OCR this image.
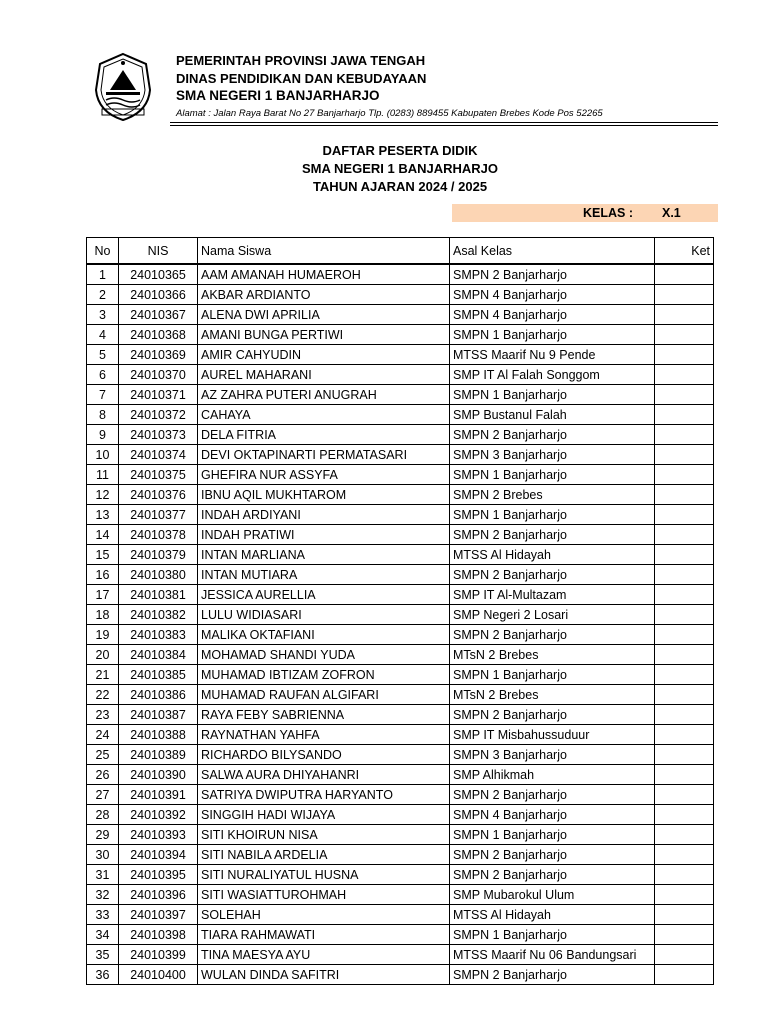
PEMERINTAH PROVINSI JAWA TENGAH
DINAS PENDIDIKAN DAN KEBUDAYAAN
SMA NEGERI 1 BANJARHARJO
Alamat : Jalan Raya Barat No 27 Banjarharjo Tlp. (0283) 889455 Kabupaten Brebes Kode Pos 52265
DAFTAR PESERTA DIDIK
SMA NEGERI 1 BANJARHARJO
TAHUN AJARAN 2024 / 2025
KELAS : X.1
No	NIS	Nama Siswa	Asal Kelas	Ket
1	24010365	AAM AMANAH HUMAEROH	SMPN 2 Banjarharjo	
2	24010366	AKBAR ARDIANTO	SMPN 4 Banjarharjo	
3	24010367	ALENA DWI APRILIA	SMPN 4 Banjarharjo	
4	24010368	AMANI BUNGA PERTIWI	SMPN 1 Banjarharjo	
5	24010369	AMIR CAHYUDIN	MTSS Maarif Nu 9 Pende	
6	24010370	AUREL MAHARANI	SMP IT Al Falah Songgom	
7	24010371	AZ ZAHRA PUTERI ANUGRAH	SMPN 1 Banjarharjo	
8	24010372	CAHAYA	SMP Bustanul Falah	
9	24010373	DELA FITRIA	SMPN 2 Banjarharjo	
10	24010374	DEVI OKTAPINARTI PERMATASARI	SMPN 3 Banjarharjo	
11	24010375	GHEFIRA NUR ASSYFA	SMPN 1 Banjarharjo	
12	24010376	IBNU AQIL MUKHTAROM	SMPN 2 Brebes	
13	24010377	INDAH ARDIYANI	SMPN 1 Banjarharjo	
14	24010378	INDAH PRATIWI	SMPN 2 Banjarharjo	
15	24010379	INTAN MARLIANA	MTSS Al Hidayah	
16	24010380	INTAN MUTIARA	SMPN 2 Banjarharjo	
17	24010381	JESSICA AURELLIA	SMP IT Al-Multazam	
18	24010382	LULU WIDIASARI	SMP Negeri 2 Losari	
19	24010383	MALIKA OKTAFIANI	SMPN 2 Banjarharjo	
20	24010384	MOHAMAD SHANDI YUDA	MTsN 2 Brebes	
21	24010385	MUHAMAD IBTIZAM ZOFRON	SMPN 1 Banjarharjo	
22	24010386	MUHAMAD RAUFAN ALGIFARI	MTsN 2 Brebes	
23	24010387	RAYA FEBY SABRIENNA	SMPN 2 Banjarharjo	
24	24010388	RAYNATHAN YAHFA	SMP IT Misbahussuduur	
25	24010389	RICHARDO BILYSANDO	SMPN 3 Banjarharjo	
26	24010390	SALWA AURA DHIYAHANRI	SMP Alhikmah	
27	24010391	SATRIYA DWIPUTRA HARYANTO	SMPN 2 Banjarharjo	
28	24010392	SINGGIH HADI WIJAYA	SMPN 4 Banjarharjo	
29	24010393	SITI KHOIRUN NISA	SMPN 1 Banjarharjo	
30	24010394	SITI NABILA ARDELIA	SMPN 2 Banjarharjo	
31	24010395	SITI NURALIYATUL HUSNA	SMPN 2 Banjarharjo	
32	24010396	SITI WASIATTUROHMAH	SMP Mubarokul Ulum	
33	24010397	SOLEHAH	MTSS Al Hidayah	
34	24010398	TIARA RAHMAWATI	SMPN 1 Banjarharjo	
35	24010399	TINA MAESYA AYU	MTSS Maarif Nu 06 Bandungsari	
36	24010400	WULAN DINDA SAFITRI	SMPN 2 Banjarharjo	
